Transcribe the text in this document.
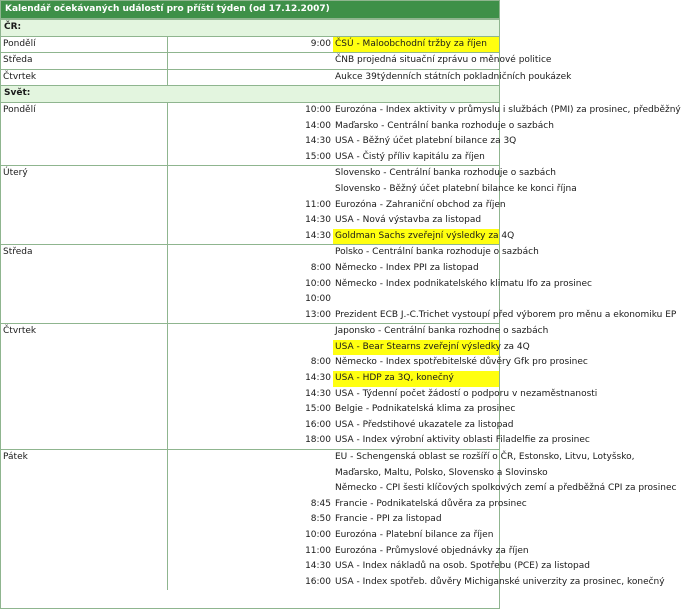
Kalendář očekávaných událostí pro příští týden (od 17.12.2007)
ČR:		
Pondělí	9:00	ČSÚ - Maloobchodní tržby za říjen
Středa		ČNB projedná situační zprávu o měnové politice
Čtvrtek		Aukce 39týdenních státních pokladničních poukázek
Svět:		
Pondělí	10:00	Eurozóna - Index aktivity v průmyslu i službách (PMI) za prosinec, předběžný
	14:00	Maďarsko - Centrální banka rozhoduje o sazbách
	14:30	USA - Běžný účet platební bilance za 3Q
	15:00	USA - Čistý příliv kapitálu za říjen
Úterý		Slovensko - Centrální banka rozhoduje o sazbách
		Slovensko - Běžný účet platební bilance ke konci října
	11:00	Eurozóna - Zahraniční obchod za říjen
	14:30	USA - Nová výstavba za listopad
	14:30	Goldman Sachs zveřejní výsledky za 4Q
Středa		Polsko - Centrální banka rozhoduje o sazbách
	8:00	Německo - Index PPI za listopad
	10:00	Německo - Index podnikatelského klimatu Ifo za prosinec
	10:00	
	13:00	Prezident ECB J.-C.Trichet vystoupí před výborem pro měnu a ekonomiku EP
Čtvrtek		Japonsko - Centrální banka rozhodne o sazbách
		USA - Bear Stearns zveřejní výsledky za 4Q
	8:00	Německo - Index spotřebitelské důvěry Gfk pro prosinec
	14:30	USA - HDP za 3Q, konečný
	14:30	USA - Týdenní počet žádostí o podporu v nezaměstnanosti
	15:00	Belgie - Podnikatelská klima za prosinec
	16:00	USA - Předstihové ukazatele za listopad
	18:00	USA - Index výrobní aktivity oblasti Filadelfie za prosinec
Pátek		EU - Schengenská oblast se rozšíří o ČR, Estonsko, Litvu, Lotyšsko,
		Maďarsko, Maltu, Polsko, Slovensko a Slovinsko
		Německo - CPI šesti klíčových spolkových zemí a předběžná CPI za prosinec
	8:45	Francie - Podnikatelská důvěra za prosinec
	8:50	Francie - PPI za listopad
	10:00	Eurozóna - Platební bilance za říjen
	11:00	Eurozóna - Průmyslové objednávky za říjen
	14:30	USA - Index nákladů na osob. Spotřebu (PCE) za listopad
	16:00	USA - Index spotřeb. důvěry Michiganské univerzity za prosinec, konečný
